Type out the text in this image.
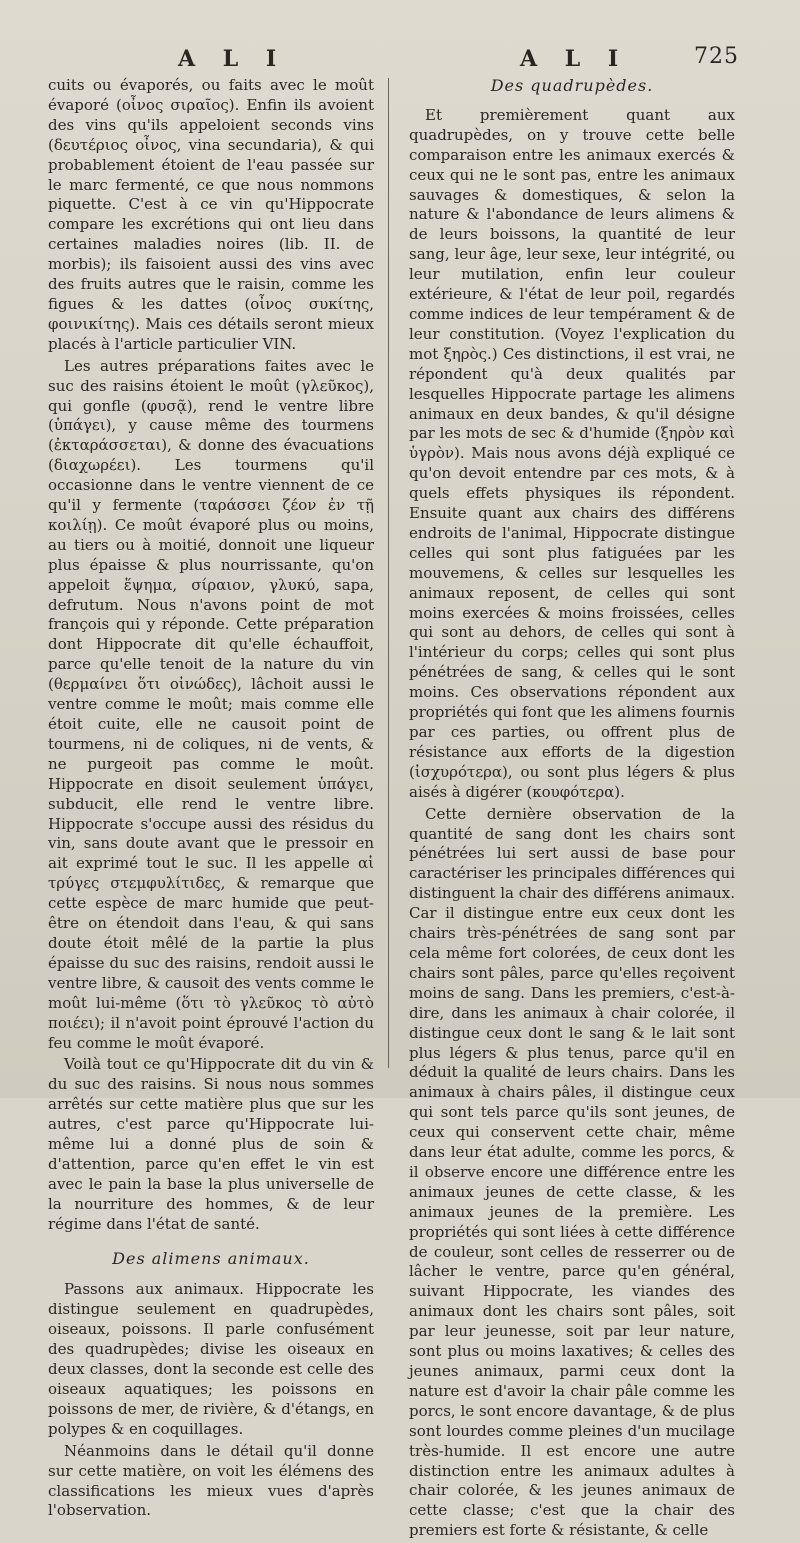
A L I	A L I	725

cuits ou évaporés, ou faits avec le moût évaporé (οἶνος σιραῖος). Enfin ils avoient des vins qu'ils appeloient seconds vins (δευτέριος οἶνος, vina secundaria), & qui probablement étoient de l'eau passée sur le marc fermenté, ce que nous nommons piquette. C'est à ce vin qu'Hippocrate compare les excrétions qui ont lieu dans certaines maladies noires (lib. II. de morbis); ils faisoient aussi des vins avec des fruits autres que le raisin, comme les figues & les dattes (οἶνος συκίτης, φοινικίτης). Mais ces détails seront mieux placés à l'article particulier VIN.

Les autres préparations faites avec le suc des raisins étoient le moût (γλεῦκος), qui gonfle (φυσᾷ), rend le ventre libre (ὑπάγει), y cause même des tourmens (ἐκταράσσεται), & donne des évacuations (διαχωρέει). Les tourmens qu'il occasionne dans le ventre viennent de ce qu'il y fermente (ταράσσει ζέον ἐν τῇ κοιλίῃ). Ce moût évaporé plus ou moins, au tiers ou à moitié, donnoit une liqueur plus épaisse & plus nourrissante, qu'on appeloit ἕψημα, σίραιον, γλυκύ, sapa, defrutum. Nous n'avons point de mot françois qui y réponde. Cette préparation dont Hippocrate dit qu'elle échauffoit, parce qu'elle tenoit de la nature du vin (θερμαίνει ὅτι οἰνώδες), lâchoit aussi le ventre comme le moût; mais comme elle étoit cuite, elle ne causoit point de tourmens, ni de coliques, ni de vents, & ne purgeoit pas comme le moût. Hippocrate en disoit seulement ὑπάγει, subducit, elle rend le ventre libre. Hippocrate s'occupe aussi des résidus du vin, sans doute avant que le pressoir en ait exprimé tout le suc. Il les appelle αἱ τρύγες στεμφυλίτιδες, & remarque que cette espèce de marc humide que peut-être on étendoit dans l'eau, & qui sans doute étoit mêlé de la partie la plus épaisse du suc des raisins, rendoit aussi le ventre libre, & causoit des vents comme le moût lui-même (ὅτι τὸ γλεῦκος τὸ αὐτὸ ποιέει); il n'avoit point éprouvé l'action du feu comme le moût évaporé.

Voilà tout ce qu'Hippocrate dit du vin & du suc des raisins. Si nous nous sommes arrêtés sur cette matière plus que sur les autres, c'est parce qu'Hippocrate lui-même lui a donné plus de soin & d'attention, parce qu'en effet le vin est avec le pain la base la plus universelle de la nourriture des hommes, & de leur régime dans l'état de santé.

Des alimens animaux.

Passons aux animaux. Hippocrate les distingue seulement en quadrupèdes, oiseaux, poissons. Il parle confusément des quadrupèdes; divise les oiseaux en deux classes, dont la seconde est celle des oiseaux aquatiques; les poissons en poissons de mer, de rivière, & d'étangs, en polypes & en coquillages.

Néanmoins dans le détail qu'il donne sur cette matière, on voit les élémens des classifications les mieux vues d'après l'observation.

Des quadrupèdes.

Et premièrement quant aux quadrupèdes, on y trouve cette belle comparaison entre les animaux exercés & ceux qui ne le sont pas, entre les animaux sauvages & domestiques, & selon la nature & l'abondance de leurs alimens & de leurs boissons, la quantité de leur sang, leur âge, leur sexe, leur intégrité, ou leur mutilation, enfin leur couleur extérieure, & l'état de leur poil, regardés comme indices de leur tempérament & de leur constitution. (Voyez l'explication du mot ξηρὸς.) Ces distinctions, il est vrai, ne répondent qu'à deux qualités par lesquelles Hippocrate partage les alimens animaux en deux bandes, & qu'il désigne par les mots de sec & d'humide (ξηρὸν καὶ ὑγρὸν). Mais nous avons déjà expliqué ce qu'on devoit entendre par ces mots, & à quels effets physiques ils répondent. Ensuite quant aux chairs des différens endroits de l'animal, Hippocrate distingue celles qui sont plus fatiguées par les mouvemens, & celles sur lesquelles les animaux reposent, de celles qui sont moins exercées & moins froissées, celles qui sont au dehors, de celles qui sont à l'intérieur du corps; celles qui sont plus pénétrées de sang, & celles qui le sont moins. Ces observations répondent aux propriétés qui font que les alimens fournis par ces parties, ou offrent plus de résistance aux efforts de la digestion (ἰσχυρότερα), ou sont plus légers & plus aisés à digérer (κουφότερα).

Cette dernière observation de la quantité de sang dont les chairs sont pénétrées lui sert aussi de base pour caractériser les principales différences qui distinguent la chair des différens animaux. Car il distingue entre eux ceux dont les chairs très-pénétrées de sang sont par cela même fort colorées, de ceux dont les chairs sont pâles, parce qu'elles reçoivent moins de sang. Dans les premiers, c'est-à-dire, dans les animaux à chair colorée, il distingue ceux dont le sang & le lait sont plus légers & plus tenus, parce qu'il en déduit la qualité de leurs chairs. Dans les animaux à chairs pâles, il distingue ceux qui sont tels parce qu'ils sont jeunes, de ceux qui conservent cette chair, même dans leur état adulte, comme les porcs, & il observe encore une différence entre les animaux jeunes de cette classe, & les animaux jeunes de la première. Les propriétés qui sont liées à cette différence de couleur, sont celles de resserrer ou de lâcher le ventre, parce qu'en général, suivant Hippocrate, les viandes des animaux dont les chairs sont pâles, soit par leur jeunesse, soit par leur nature, sont plus ou moins laxatives; & celles des jeunes animaux, parmi ceux dont la nature est d'avoir la chair pâle comme les porcs, le sont encore davantage, & de plus sont lourdes comme pleines d'un mucilage très-humide. Il est encore une autre distinction entre les animaux adultes à chair colorée, & les jeunes animaux de cette classe; c'est que la chair des premiers est forte & résistante, & celle
